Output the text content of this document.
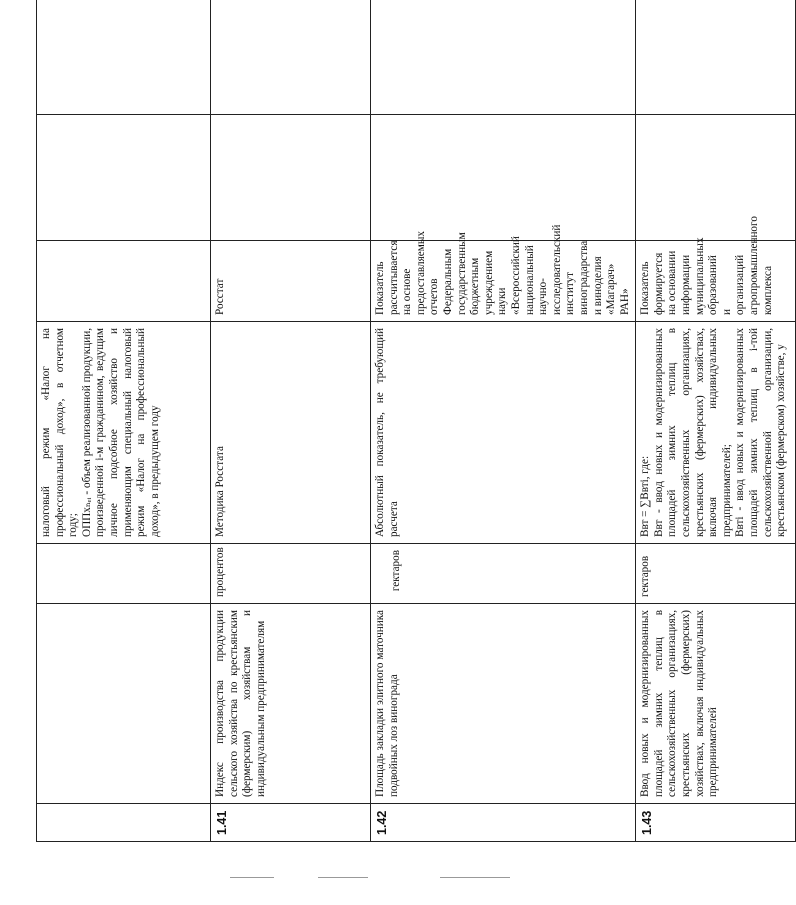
			налоговый режим «Налог на профессиональный доход», в отчетном году;
ОППхₙₑᵢ - объем реализованной продукции, произведенной i-м гражданином, ведущим личное подсобное хозяйство и применяющим специальный налоговый режим «Налог на профессиональный доход», в предыдущем году			
1.41	Индекс производства продукции сельского хозяйства по крестьянским (фермерским) хозяйствам и индивидуальным предпринимателям	процентов	Методика Росстата	Росстат		
1.42	Площадь закладки элитного маточника подвойных лоз винограда	гектаров	Абсолютный показатель, не требующий расчета	Показатель рассчитывается на основе предоставляемых отчетов Федеральным государственным бюджетным учреждением науки «Всероссийский национальный научно-исследовательский институт виноградарства и виноделия «Магарач» РАН»		
1.43	Ввод новых и модернизированных площадей зимних теплиц в сельскохозяйственных организациях, крестьянских (фермерских) хозяйствах, включая индивидуальных предпринимателей	гектаров	Ввт = ∑Ввті, где:
Ввт - ввод новых и модернизированных площадей зимних теплиц в сельскохозяйственных организациях, крестьянских (фермерских) хозяйствах, включая индивидуальных предпринимателей;
Ввті - ввод новых и модернизированных площадей зимних теплиц в i-той сельскохозяйственной организации, крестьянском (фермерском) хозяйстве, у	Показатель формируется на основании информации муниципальных образований и организаций агропромышленного комплекса		
